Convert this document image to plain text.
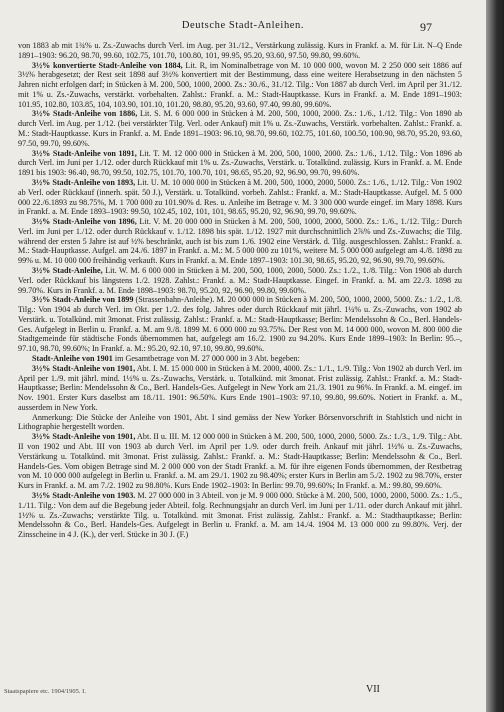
Deutsche Stadt-Anleihen.	97

von 1883 ab mit 1¾% u. Zs.-Zuwachs durch Verl. im Aug. per 31./12., Verstärkung zulässig. Kurs in Frankf. a. M. für Lit. N–Q Ende 1891–1903: 96.20, 98.70, 99.60, 102.75, 101.70, 100.80, 101, 99.95, 95.20, 93.60, 97.50, 99.80, 99.60%.

3½% konvertierte Stadt-Anleihe von 1884, Lit. R, im Nominalbetrage von M. 10 000 000, wovon M. 2 250 000 seit 1886 auf 3½% herabgesetzt; der Rest seit 1898 auf 3½% konvertiert mit der Bestimmung, dass eine weitere Herabsetzung in den nächsten 5 Jahren nicht erfolgen darf; in Stücken à M. 200, 500, 1000, 2000. Zs.: 30./6., 31./12. Tilg.: Von 1887 ab durch Verl. im April per 31./12. mit 1% u. Zs.-Zuwachs, verstärkt. vorbehalten. Zahlst.: Frankf. a. M.: Stadt-Hauptkasse. Kurs in Frankf. a. M. Ende 1891–1903: 101.95, 102.80, 103.85, 104, 103.90, 101.10, 101.20, 98.80, 95.20, 93.60, 97.40, 99.80, 99.60%.

3½% Stadt-Anleihe von 1886, Lit. S. M. 6 000 000 in Stücken à M. 200, 500, 1000, 2000. Zs.: 1./6., 1./12. Tilg.: Von 1890 ab durch Verl. im Aug. per 1./12. (bei verstärkter Tilg. Verl. oder Ankauf) mit 1% u. Zs.-Zuwachs, Verstärk. vorbehalten. Zahlst.: Frankf. a. M.: Stadt-Hauptkasse. Kurs in Frankf. a. M. Ende 1891–1903: 96.10, 98.70, 99.60, 102.75, 101.60, 100.50, 100.90, 98.70, 95.20, 93.60, 97.50, 99.70, 99.60%.

3½% Stadt-Anleihe von 1891, Lit. T. M. 12 000 000 in Stücken à M. 200, 500, 1000, 2000. Zs.: 1./6., 1./12. Tilg.: Von 1896 ab durch Verl. im Juni per 1./12. oder durch Rückkauf mit 1% u. Zs.-Zuwachs, Verstärk. u. Totalkünd. zulässig. Kurs in Frankf. a. M. Ende 1891 bis 1903: 96.40, 98.70, 99.50, 102.75, 101.70, 100.70, 101, 98.65, 95.20, 92, 96.90, 99.70, 99.60%.

3½% Stadt-Anleihe von 1893, Lit. U. M. 10 000 000 in Stücken à M. 200, 500, 1000, 2000, 5000. Zs.: 1./6., 1./12. Tilg.: Von 1902 ab Verl. oder Rückkauf (innerh. spät. 50 J.), Verstärk. u. Totalkünd. vorbeh. Zahlst.: Frankf. a. M.: Stadt-Hauptkasse. Aufgel. M. 5 000 000 22./6.1893 zu 98.75%, M. 1 700 000 zu 101.90% d. Res. u. Anleihe im Betrage v. M. 3 300 000 wurde eingef. im Mary 1898. Kurs in Frankf. a. M. Ende 1893–1903: 99.50, 102.45, 102, 101, 101, 98.65, 95.20, 92, 96.90, 99.70, 99.60%.

3½% Stadt-Anleihe von 1896, Lit. V. M. 20 000 000 in Stücken à M. 200, 500, 1000, 2000, 5000. Zs.: 1./6., 1./12. Tilg.: Durch Verl. im Juni per 1./12. oder durch Rückkauf v. 1./12. 1898 bis spät. 1./12. 1927 mit durchschnittlich 2⅞% und Zs.-Zuwachs; die Tilg. während der ersten 5 Jahre ist auf ½% beschränkt, auch ist bis zum 1./6. 1902 eine Verstärk. d. Tilg. ausgeschlossen. Zahlst.: Frankf. a. M.: Stadt-Hauptkasse. Aufgel. am 24./6. 1897 in Frankf. a. M.: M. 5 000 000 zu 101%, weitere M. 5 000 000 aufgelegt am 4./8. 1898 zu 99% u. M. 10 000 000 freihändig verkauft. Kurs in Frankf. a. M. Ende 1897–1903: 101.30, 98.65, 95.20, 92, 96.90, 99.70, 99.60%.

3½% Stadt-Anleihe, Lit. W. M. 6 000 000 in Stücken à M. 200, 500, 1000, 2000, 5000. Zs.: 1./2., 1./8. Tilg.: Von 1908 ab durch Verl. oder Rückkauf bis längstens 1./2. 1928. Zahlst.: Frankf. a. M.: Stadt-Hauptkasse. Eingef. in Frankf. a. M. am 22./3. 1898 zu 99.70%. Kurs in Frankf. a. M. Ende 1898–1903: 98.70, 95.20, 92, 96.90, 99.80, 99.60%.

3½% Stadt-Anleihe von 1899 (Strassenbahn-Anleihe). M. 20 000 000 in Stücken à M. 200, 500, 1000, 2000, 5000. Zs.: 1./2., 1./8. Tilg.: Von 1904 ab durch Verl. im Okt. per 1./2. des folg. Jahres oder durch Rückkauf mit jährl. 1¼% u. Zs.-Zuwachs, von 1902 ab Verstärk. u. Totalkünd. mit 3monat. Frist zulässig. Zahlst.: Frankf. a. M.: Stadt-Hauptkasse; Berlin: Mendelssohn & Co., Berl. Handels-Ges. Aufgelegt in Berlin u. Frankf. a. M. am 9./8. 1899 M. 6 000 000 zu 93.75%. Der Rest von M. 14 000 000, wovon M. 800 000 die Stadtgemeinde für städtische Fonds übernommen hat, aufgelegt am 16./2. 1900 zu 94.20%. Kurs Ende 1899–1903: In Berlin: 95.–, 97.10, 98.70, 99.60%; In Frankf. a. M.: 95.20, 92.10, 97.10, 99.80, 99.60%.

Stadt-Anleihe von 1901 im Gesamtbetrage von M. 27 000 000 in 3 Abt. begeben:

3½% Stadt-Anleihe von 1901, Abt. I. M. 15 000 000 in Stücken à M. 2000, 4000. Zs.: 1./1., 1./9. Tilg.: Von 1902 ab durch Verl. im April per 1./9. mit jährl. mind. 1½% u. Zs.-Zuwachs, Verstärk. u. Totalkünd. mit 3monat. Frist zulässig. Zahlst.: Frankf. a. M.: Stadt-Hauptkasse; Berlin: Mendelssohn & Co., Berl. Handels-Ges. Aufgelegt in New York am 21./3. 1901 zu 96%. In Frankf. a. M. eingef. im Nov. 1901. Erster Kurs daselbst am 18./11. 1901: 96.50%. Kurs Ende 1901–1903: 97.10, 99.80, 99.60%. Notiert in Frankf. a. M., ausserdem in New York.

Anmerkung: Die Stücke der Anleihe von 1901, Abt. I sind gemäss der New Yorker Börsenvorschrift in Stahlstich und nicht in Lithographie hergestellt worden.

3½% Stadt-Anleihe von 1901, Abt. II u. III. M. 12 000 000 in Stücken à M. 200, 500, 1000, 2000, 5000. Zs.: 1./3., 1./9. Tilg.: Abt. II von 1902 und Abt. III von 1903 ab durch Verl. im April per 1./9. oder durch freih. Ankauf mit jährl. 1½% u. Zs.-Zuwachs, Verstärkung u. Totalkünd. mit 3monat. Frist zulässig. Zahlst.: Frankf. a. M.: Stadt-Hauptkasse; Berlin: Mendelssohn & Co., Berl. Handels-Ges. Vom obigen Betrage sind M. 2 000 000 von der Stadt Frankf. a. M. für ihre eigenen Fonds übernommen, der Restbetrag von M. 10 000 000 aufgelegt in Berlin u. Frankf. a. M. am 29./1. 1902 zu 98.40%; erster Kurs in Berlin am 5./2. 1902 zu 98.70%, erster Kurs in Frankf. a. M. am 7./2. 1902 zu 98.80%. Kurs Ende 1902–1903: In Berlin: 99.70, 99.60%; In Frankf. a. M.: 99.80, 99.60%.

3½% Stadt-Anleihe von 1903. M. 27 000 000 in 3 Abteil. von je M. 9 000 000. Stücke à M. 200, 500, 1000, 2000, 5000. Zs.: 1./5., 1./11. Tilg.: Von dem auf die Begebung jeder Abteil. folg. Rechnungsjahr an durch Verl. im Juni per 1./11. oder durch Ankauf mit jährl. 1½% u. Zs.-Zuwachs; verstärkte Tilg. u. Totalkünd. mit 3monat. Frist zulässig. Zahlst.: Frankf. a. M.: Stadthauptkasse; Berlin: Mendelssohn & Co., Berl. Handels-Ges. Aufgelegt in Berlin u. Frankf. a. M. am 14./4. 1904 M. 13 000 000 zu 99.80%. Verj. der Zinsscheine in 4 J. (K.), der verl. Stücke in 30 J. (F.)

Staatspapiere etc. 1904/1905. I.	VII
